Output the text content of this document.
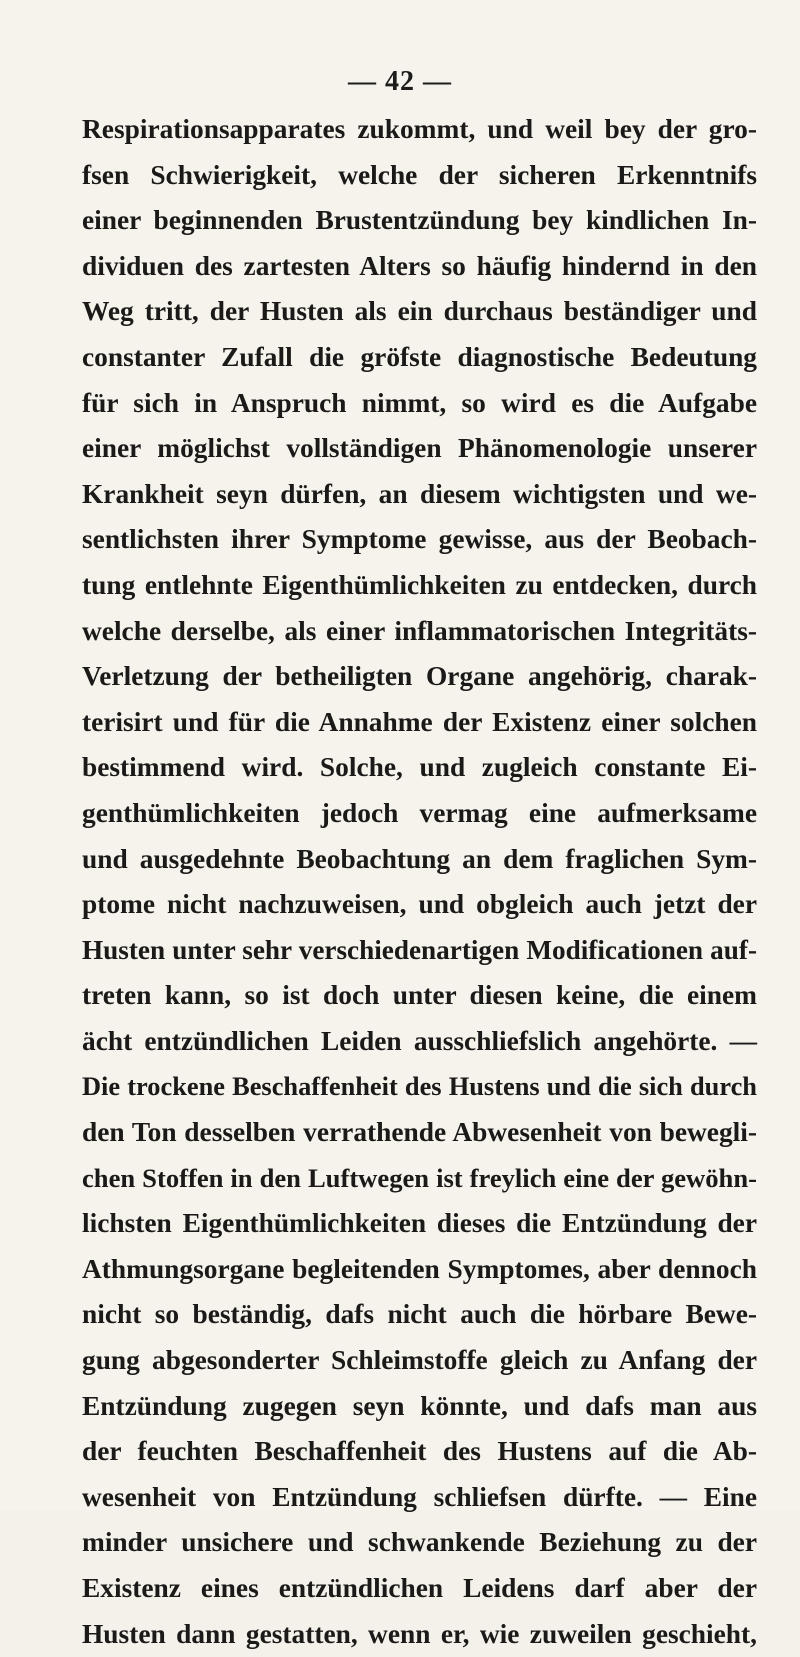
— 42 —
Respirationsapparates zukommt, und weil bey der gro-
fsen Schwierigkeit, welche der sicheren Erkenntnifs
einer beginnenden Brustentzündung bey kindlichen In-
dividuen des zartesten Alters so häufig hindernd in den
Weg tritt, der Husten als ein durchaus beständiger und
constanter Zufall die gröfste diagnostische Bedeutung
für sich in Anspruch nimmt, so wird es die Aufgabe
einer möglichst vollständigen Phänomenologie unserer
Krankheit seyn dürfen, an diesem wichtigsten und we-
sentlichsten ihrer Symptome gewisse, aus der Beobach-
tung entlehnte Eigenthümlichkeiten zu entdecken, durch
welche derselbe, als einer inflammatorischen Integritäts-
Verletzung der betheiligten Organe angehörig, charak-
terisirt und für die Annahme der Existenz einer solchen
bestimmend wird. Solche, und zugleich constante Ei-
genthümlichkeiten jedoch vermag eine aufmerksame
und ausgedehnte Beobachtung an dem fraglichen Sym-
ptome nicht nachzuweisen, und obgleich auch jetzt der
Husten unter sehr verschiedenartigen Modificationen auf-
treten kann, so ist doch unter diesen keine, die einem
ächt entzündlichen Leiden ausschliefslich angehörte. —
Die trockene Beschaffenheit des Hustens und die sich durch
den Ton desselben verrathende Abwesenheit von bewegli-
chen Stoffen in den Luftwegen ist freylich eine der gewöhn-
lichsten Eigenthümlichkeiten dieses die Entzündung der
Athmungsorgane begleitenden Symptomes, aber dennoch
nicht so beständig, dafs nicht auch die hörbare Bewe-
gung abgesonderter Schleimstoffe gleich zu Anfang der
Entzündung zugegen seyn könnte, und dafs man aus
der feuchten Beschaffenheit des Hustens auf die Ab-
wesenheit von Entzündung schliefsen dürfte. — Eine
minder unsichere und schwankende Beziehung zu der
Existenz eines entzündlichen Leidens darf aber der
Husten dann gestatten, wenn er, wie zuweilen geschieht,
